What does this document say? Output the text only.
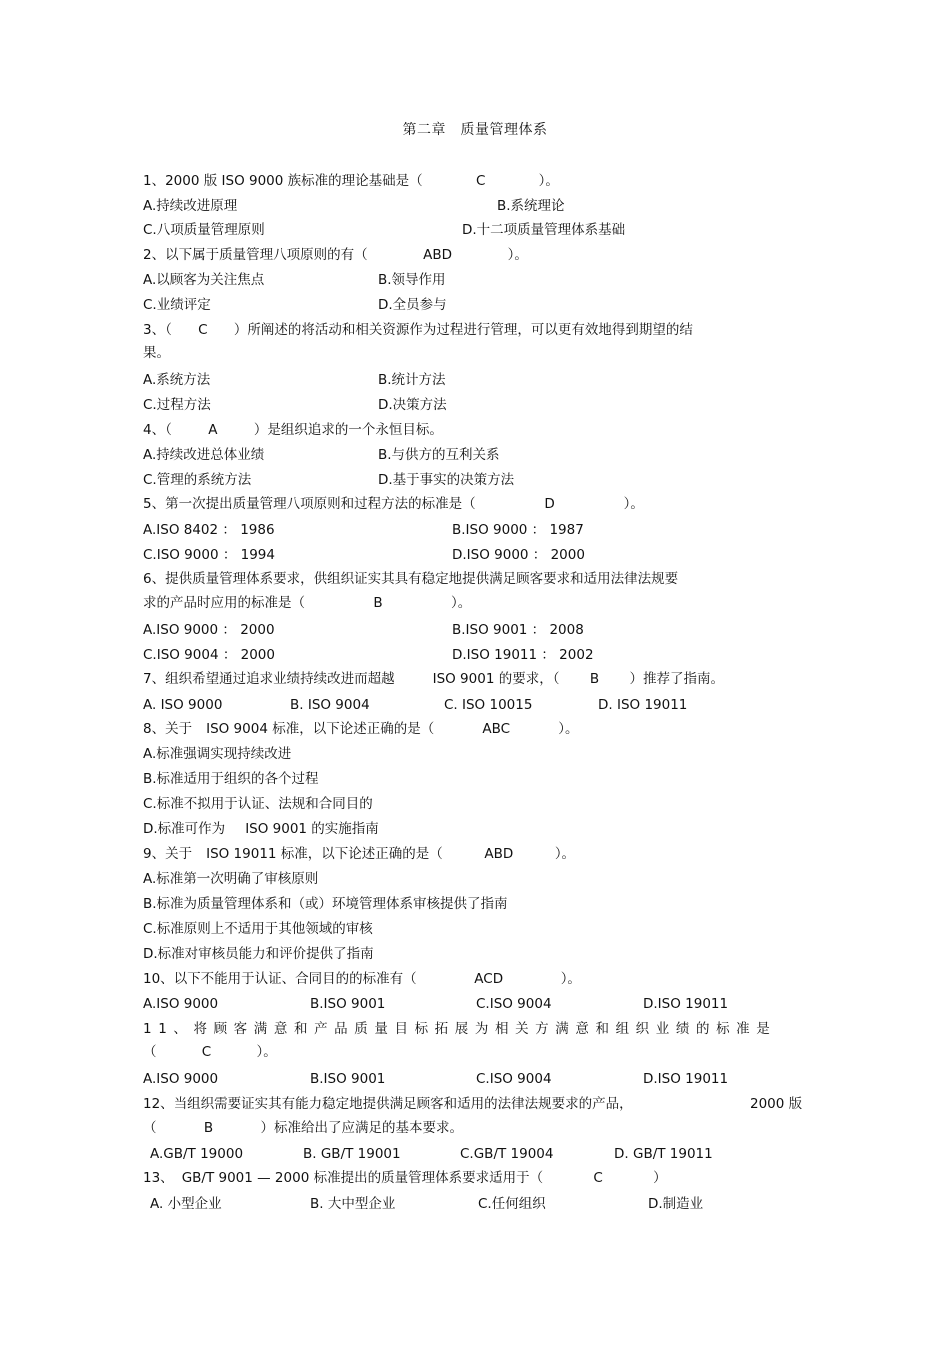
第二章　质量管理体系
1、2000 版 ISO 9000 族标准的理论基础是（	C	）。
A.持续改进原理	B.系统理论
C.八项质量管理原则	D.十二项质量管理体系基础
2、以下属于质量管理八项原则的有（	ABD	）。
A.以顾客为关注焦点	B.领导作用
C.业绩评定	D.全员参与
3、（ C ）所阐述的将活动和相关资源作为过程进行管理，可以更有效地得到期望的结
果。
A.系统方法	B.统计方法
C.过程方法	D.决策方法
4、（	A	）是组织追求的一个永恒目标。
A.持续改进总体业绩	B.与供方的互利关系
C.管理的系统方法	D.基于事实的决策方法
5、第一次提出质量管理八项原则和过程方法的标准是（	D	）。
A.ISO 8402 ： 1986	B.ISO 9000 ： 1987
C.ISO 9000 ： 1994	D.ISO 9000 ： 2000
6、提供质量管理体系要求，供组织证实其具有稳定地提供满足顾客要求和适用法律法规要
求的产品时应用的标准是（	B	）。
A.ISO 9000 ： 2000	B.ISO 9001 ： 2008
C.ISO 9004 ： 2000	D.ISO 19011 ： 2002
7、组织希望通过追求业绩持续改进而超越	ISO 9001 的要求，（ B ）推荐了指南。
A. ISO 9000	B. ISO 9004	C. ISO 10015	D. ISO 19011
8、关于 ISO 9004 标准，以下论述正确的是（	ABC	）。
A.标准强调实现持续改进
B.标准适用于组织的各个过程
C.标准不拟用于认证、法规和合同目的
D.标准可作为 ISO 9001 的实施指南
9、关于 ISO 19011 标准，以下论述正确的是（	ABD	）。
A.标准第一次明确了审核原则
B.标准为质量管理体系和（或）环境管理体系审核提供了指南
C.标准原则上不适用于其他领域的审核
D.标准对审核员能力和评价提供了指南
10、以下不能用于认证、合同目的的标准有（	ACD	）。
A.ISO 9000	B.ISO 9001	C.ISO 9004	D.ISO 19011
11、将顾客满意和产品质量目标拓展为相关方满意和组织业绩的标准是
（	C	）。
A.ISO 9000	B.ISO 9001	C.ISO 9004	D.ISO 19011
12、当组织需要证实其有能力稳定地提供满足顾客和适用的法律法规要求的产品，	2000 版
（	B	）标准给出了应满足的基本要求。
A.GB/T 19000	B. GB/T 19001	C.GB/T 19004	D. GB/T 19011
13、 GB/T 9001 — 2000 标准提出的质量管理体系要求适用于（	C	）
A. 小型企业	B. 大中型企业	C.任何组织	D.制造业
